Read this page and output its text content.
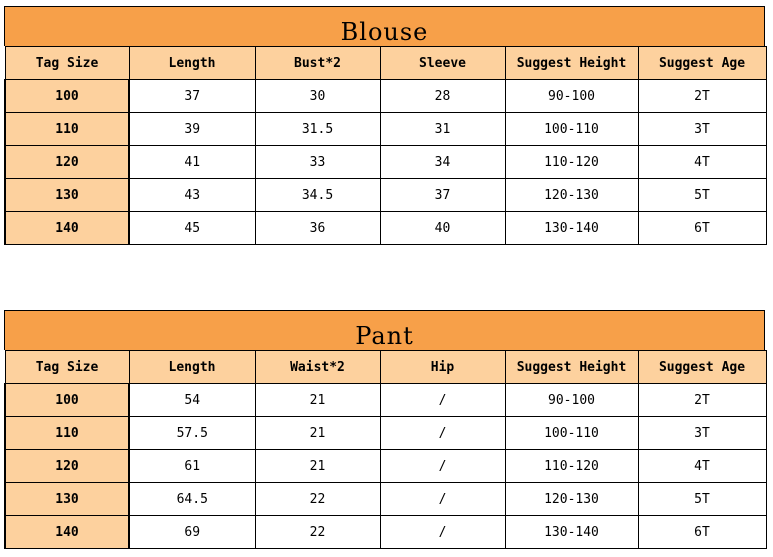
Blouse
Tag Size	Length	Bust*2	Sleeve	Suggest Height	Suggest Age
100	37	30	28	90-100	2T
110	39	31.5	31	100-110	3T
120	41	33	34	110-120	4T
130	43	34.5	37	120-130	5T
140	45	36	40	130-140	6T
Pant
Tag Size	Length	Waist*2	Hip	Suggest Height	Suggest Age
100	54	21	/	90-100	2T
110	57.5	21	/	100-110	3T
120	61	21	/	110-120	4T
130	64.5	22	/	120-130	5T
140	69	22	/	130-140	6T
